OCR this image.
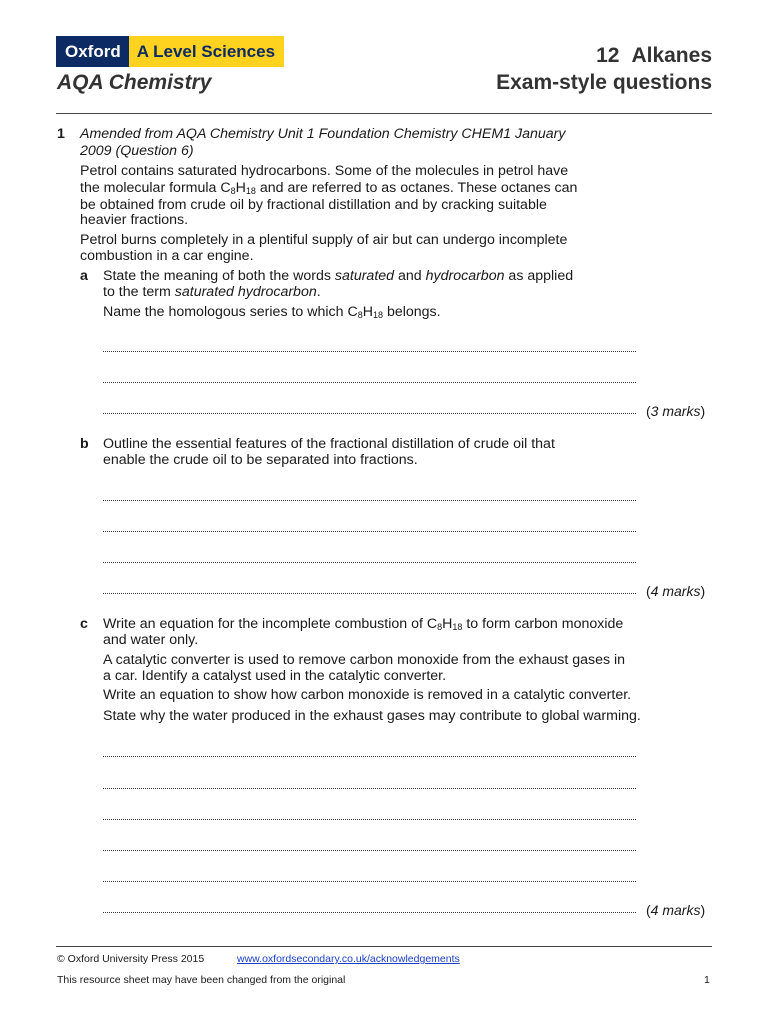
Oxford A Level Sciences
AQA Chemistry
12 Alkanes
Exam-style questions
1 Amended from AQA Chemistry Unit 1 Foundation Chemistry CHEM1 January
2009 (Question 6)
Petrol contains saturated hydrocarbons. Some of the molecules in petrol have
the molecular formula $C_8H_{18}$ and are referred to as octanes. These octanes can
be obtained from crude oil by fractional distillation and by cracking suitable
heavier fractions.
Petrol burns completely in a plentiful supply of air but can undergo incomplete
combustion in a car engine.
a State the meaning of both the words saturated and hydrocarbon as applied
to the term saturated hydrocarbon.
Name the homologous series to which $C_8H_{18}$ belongs.
(3 marks)
b Outline the essential features of the fractional distillation of crude oil that
enable the crude oil to be separated into fractions.
(4 marks)
c Write an equation for the incomplete combustion of $C_8H_{18}$ to form carbon monoxide
and water only.
A catalytic converter is used to remove carbon monoxide from the exhaust gases in
a car. Identify a catalyst used in the catalytic converter.
Write an equation to show how carbon monoxide is removed in a catalytic converter.
State why the water produced in the exhaust gases may contribute to global warming.
(4 marks)
© Oxford University Press 2015	www.oxfordsecondary.co.uk/acknowledgements
This resource sheet may have been changed from the original	1
